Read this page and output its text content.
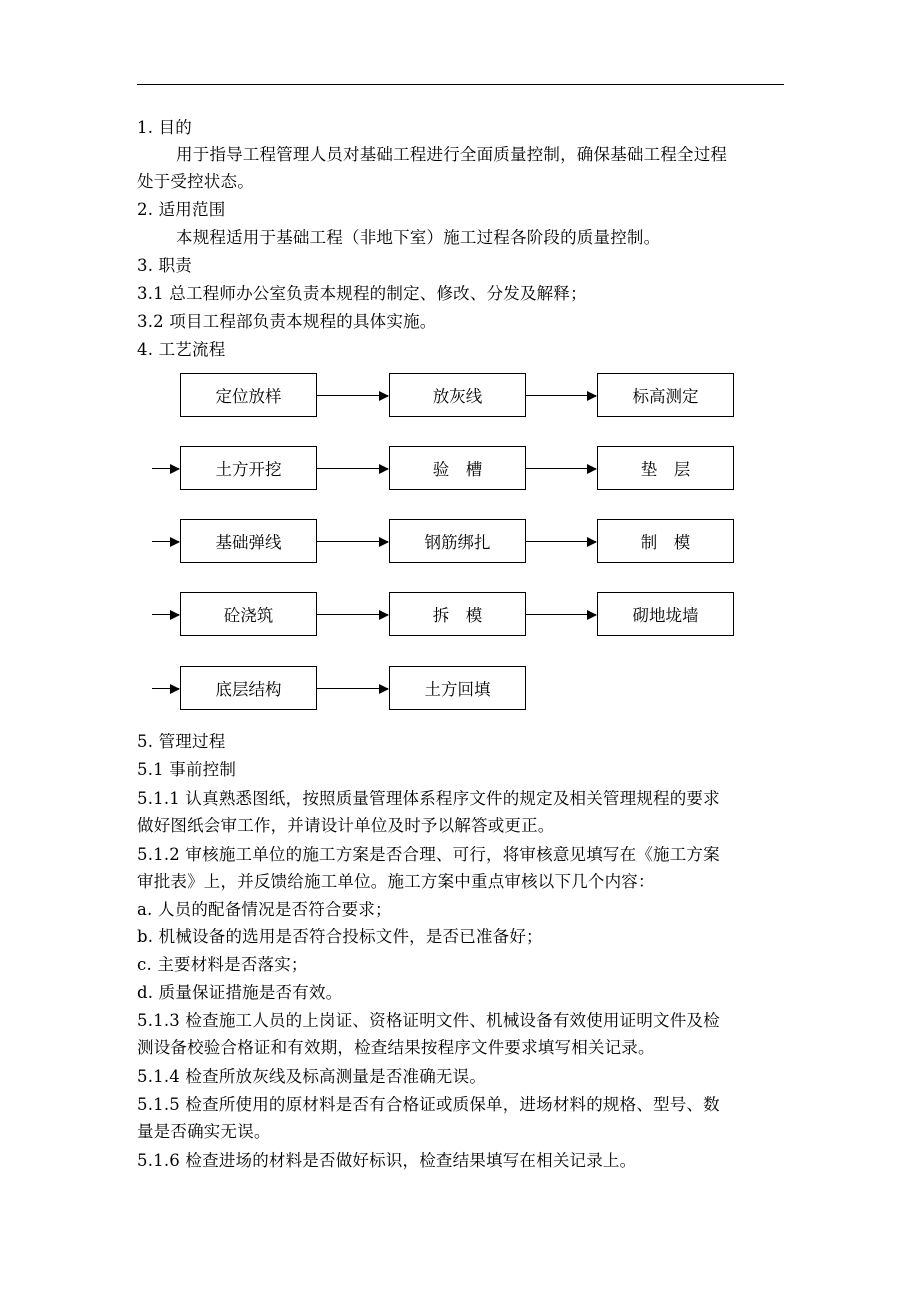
1. 目的
用于指导工程管理人员对基础工程进行全面质量控制，确保基础工程全过程
处于受控状态。
2. 适用范围
本规程适用于基础工程（非地下室）施工过程各阶段的质量控制。
3. 职责
3.1 总工程师办公室负责本规程的制定、修改、分发及解释；
3.2 项目工程部负责本规程的具体实施。
4. 工艺流程
定位放样	放灰线	标高测定
土方开挖	验　槽	垫　层
基础弹线	钢筋绑扎	制　模
砼浇筑	拆　模	砌地垅墙
底层结构	土方回填
5. 管理过程
5.1 事前控制
5.1.1 认真熟悉图纸，按照质量管理体系程序文件的规定及相关管理规程的要求
做好图纸会审工作，并请设计单位及时予以解答或更正。
5.1.2 审核施工单位的施工方案是否合理、可行，将审核意见填写在《施工方案
审批表》上，并反馈给施工单位。施工方案中重点审核以下几个内容：
a. 人员的配备情况是否符合要求；
b. 机械设备的选用是否符合投标文件，是否已准备好；
c. 主要材料是否落实；
d. 质量保证措施是否有效。
5.1.3 检查施工人员的上岗证、资格证明文件、机械设备有效使用证明文件及检
测设备校验合格证和有效期，检查结果按程序文件要求填写相关记录。
5.1.4 检查所放灰线及标高测量是否准确无误。
5.1.5 检查所使用的原材料是否有合格证或质保单，进场材料的规格、型号、数
量是否确实无误。
5.1.6 检查进场的材料是否做好标识，检查结果填写在相关记录上。
